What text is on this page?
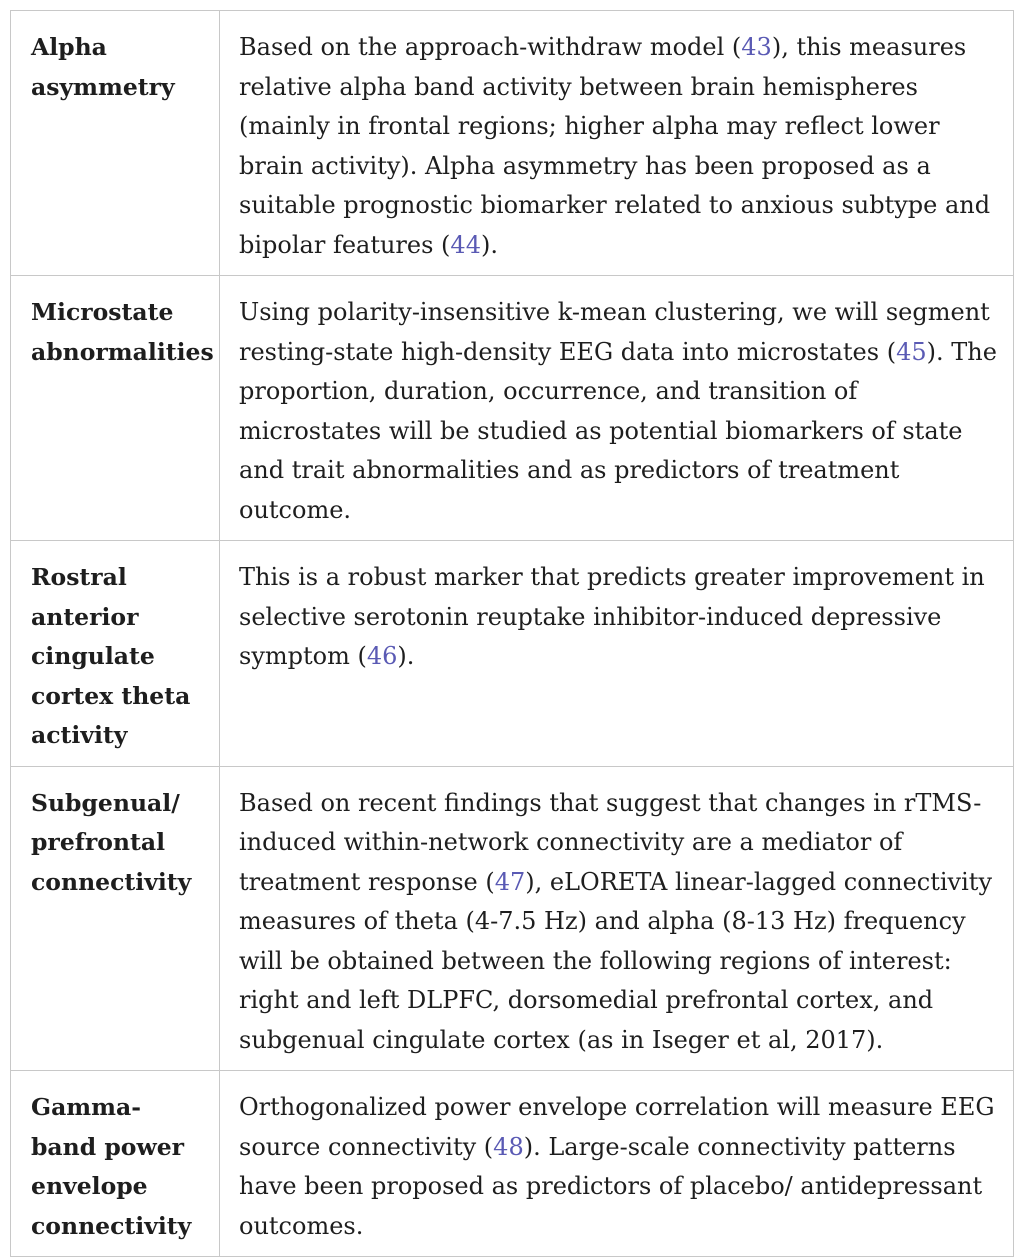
Alpha asymmetry	Based on the approach-withdraw model (43), this measures relative alpha band activity between brain hemispheres (mainly in frontal regions; higher alpha may reflect lower brain activity). Alpha asymmetry has been proposed as a suitable prognostic biomarker related to anxious subtype and bipolar features (44).
Microstate abnormalities	Using polarity-insensitive k-mean clustering, we will segment resting-state high-density EEG data into microstates (45). The proportion, duration, occurrence, and transition of microstates will be studied as potential biomarkers of state and trait abnormalities and as predictors of treatment outcome.
Rostral anterior cingulate cortex theta activity	This is a robust marker that predicts greater improvement in selective serotonin reuptake inhibitor-induced depressive symptom (46).
Subgenual/ prefrontal connectivity	Based on recent findings that suggest that changes in rTMS-induced within-network connectivity are a mediator of treatment response (47), eLORETA linear-lagged connectivity measures of theta (4-7.5 Hz) and alpha (8-13 Hz) frequency will be obtained between the following regions of interest: right and left DLPFC, dorsomedial prefrontal cortex, and subgenual cingulate cortex (as in Iseger et al, 2017).
Gamma-band power envelope connectivity	Orthogonalized power envelope correlation will measure EEG source connectivity (48). Large-scale connectivity patterns have been proposed as predictors of placebo/ antidepressant outcomes.
